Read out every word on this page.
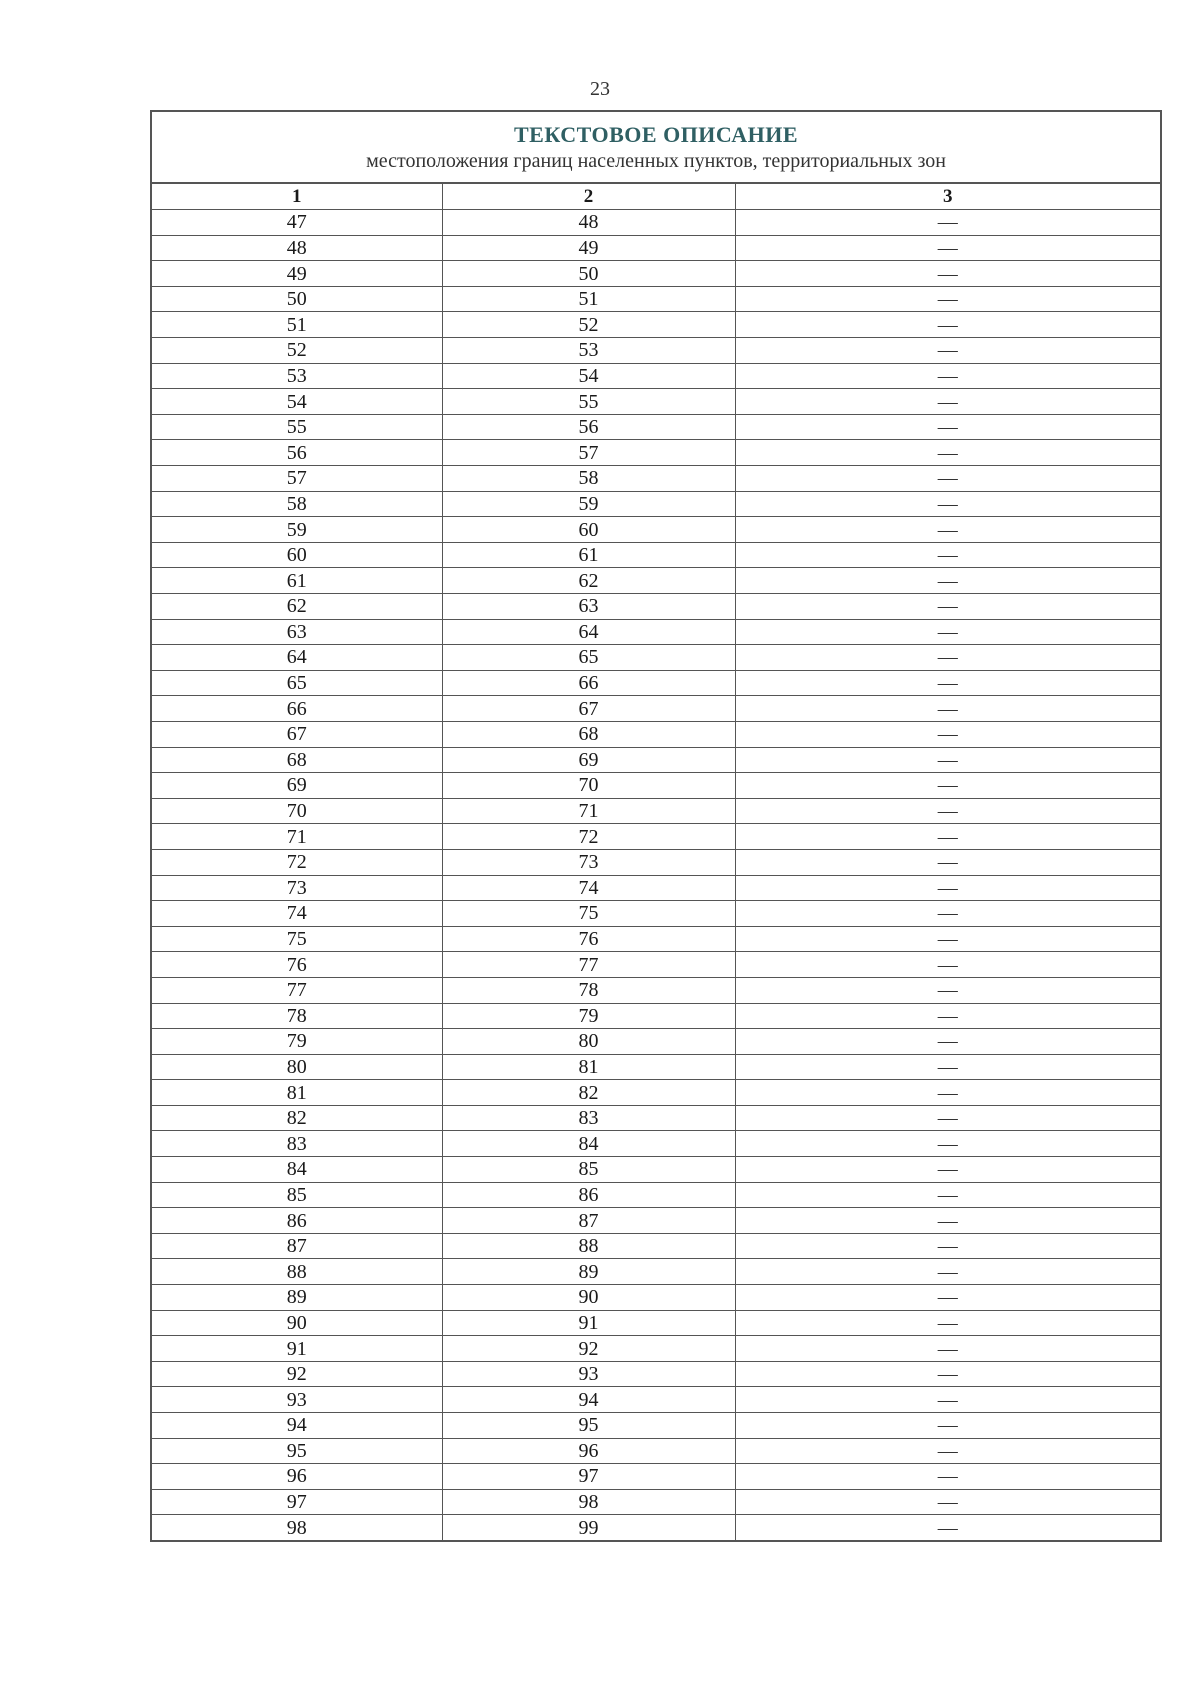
23
ТЕКСТОВОЕ ОПИСАНИЕ
местоположения границ населенных пунктов, территориальных зон
1	2	3
47	48	—
48	49	—
49	50	—
50	51	—
51	52	—
52	53	—
53	54	—
54	55	—
55	56	—
56	57	—
57	58	—
58	59	—
59	60	—
60	61	—
61	62	—
62	63	—
63	64	—
64	65	—
65	66	—
66	67	—
67	68	—
68	69	—
69	70	—
70	71	—
71	72	—
72	73	—
73	74	—
74	75	—
75	76	—
76	77	—
77	78	—
78	79	—
79	80	—
80	81	—
81	82	—
82	83	—
83	84	—
84	85	—
85	86	—
86	87	—
87	88	—
88	89	—
89	90	—
90	91	—
91	92	—
92	93	—
93	94	—
94	95	—
95	96	—
96	97	—
97	98	—
98	99	—
